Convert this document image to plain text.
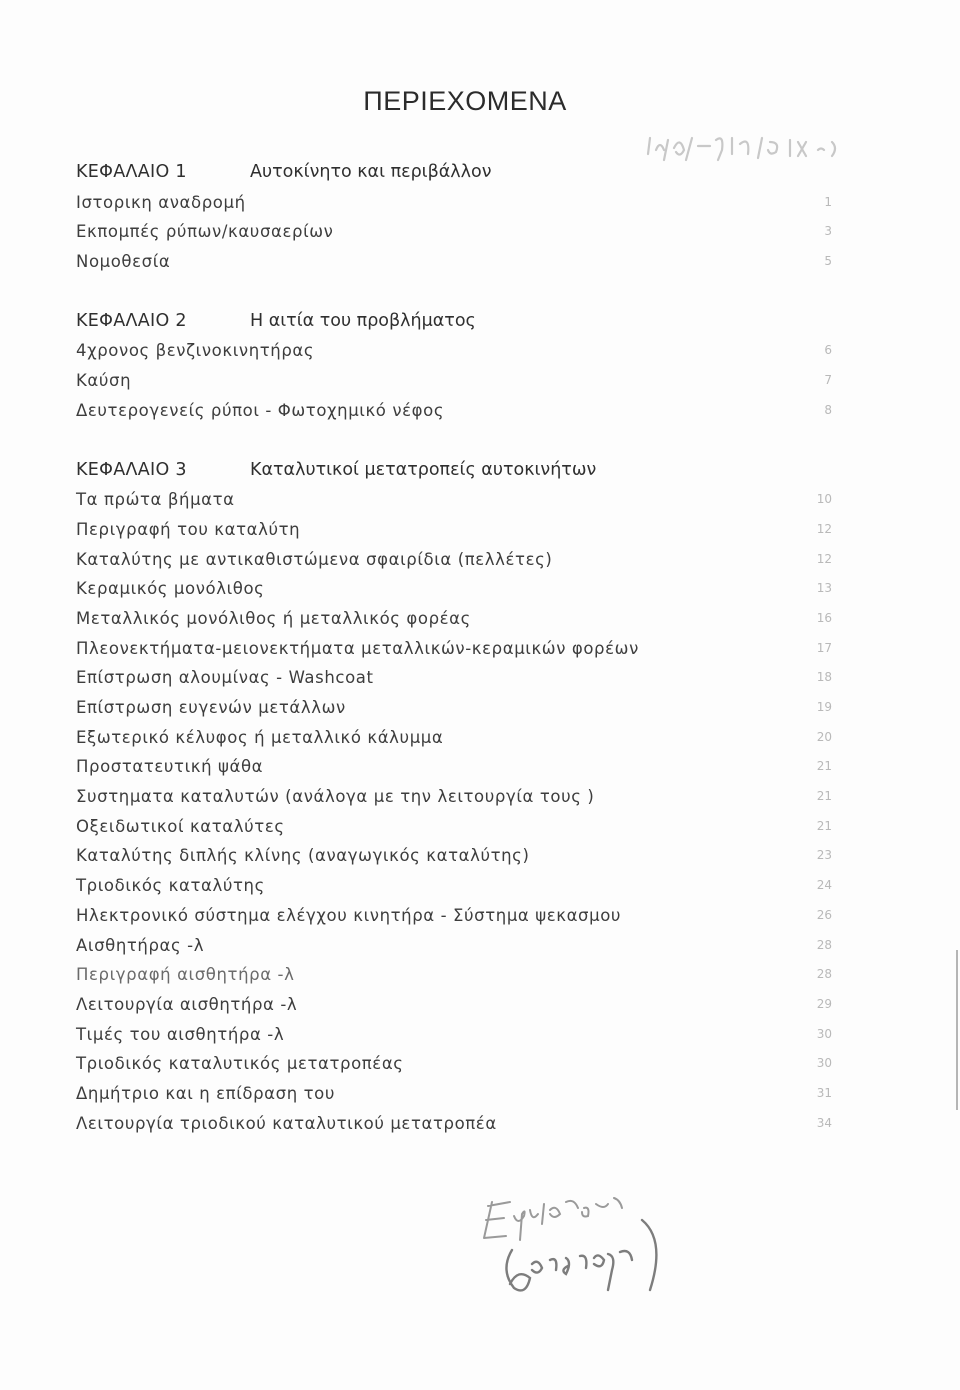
ΠΕΡΙΕΧΟΜΕΝΑ
ΚΕΦΑΛΑΙΟ 1	Αυτοκίνητο και περιβάλλον
Ιστορικη αναδρομή	1
Εκπομπές ρύπων/καυσαερίων	3
Νομοθεσία	5
ΚΕΦΑΛΑΙΟ 2	Η αιτία του προβλήματος
4χρονος βενζινοκινητήρας	6
Καύση	7
Δευτερογενείς ρύποι - Φωτοχημικό νέφος	8
ΚΕΦΑΛΑΙΟ 3	Καταλυτικοί μετατροπείς αυτοκινήτων
Τα πρώτα βήματα	10
Περιγραφή του καταλύτη	12
Καταλύτης με αντικαθιστώμενα σφαιρίδια (πελλέτες)	12
Κεραμικός μονόλιθος	13
Μεταλλικός μονόλιθος ή μεταλλικός φορέας	16
Πλεονεκτήματα-μειονεκτήματα μεταλλικών-κεραμικών φορέων	17
Επίστρωση αλουμίνας - Washcoat	18
Επίστρωση ευγενών μετάλλων	19
Εξωτερικό κέλυφος ή μεταλλικό κάλυμμα	20
Προστατευτική ψάθα	21
Συστηματα καταλυτών (ανάλογα με την λειτουργία τους )	21
Οξειδωτικοί καταλύτες	21
Καταλύτης διπλής κλίνης (αναγωγικός καταλύτης)	23
Τριοδικός καταλύτης	24
Ηλεκτρονικό σύστημα ελέγχου κινητήρα - Σύστημα ψεκασμου	26
Αισθητήρας -λ	28
Περιγραφή αισθητήρα -λ	28
Λειτουργία αισθητήρα -λ	29
Τιμές του αισθητήρα -λ	30
Τριοδικός καταλυτικός μετατροπέας	30
Δημήτριο και η επίδραση του	31
Λειτουργία τριοδικού καταλυτικού μετατροπέα	34
